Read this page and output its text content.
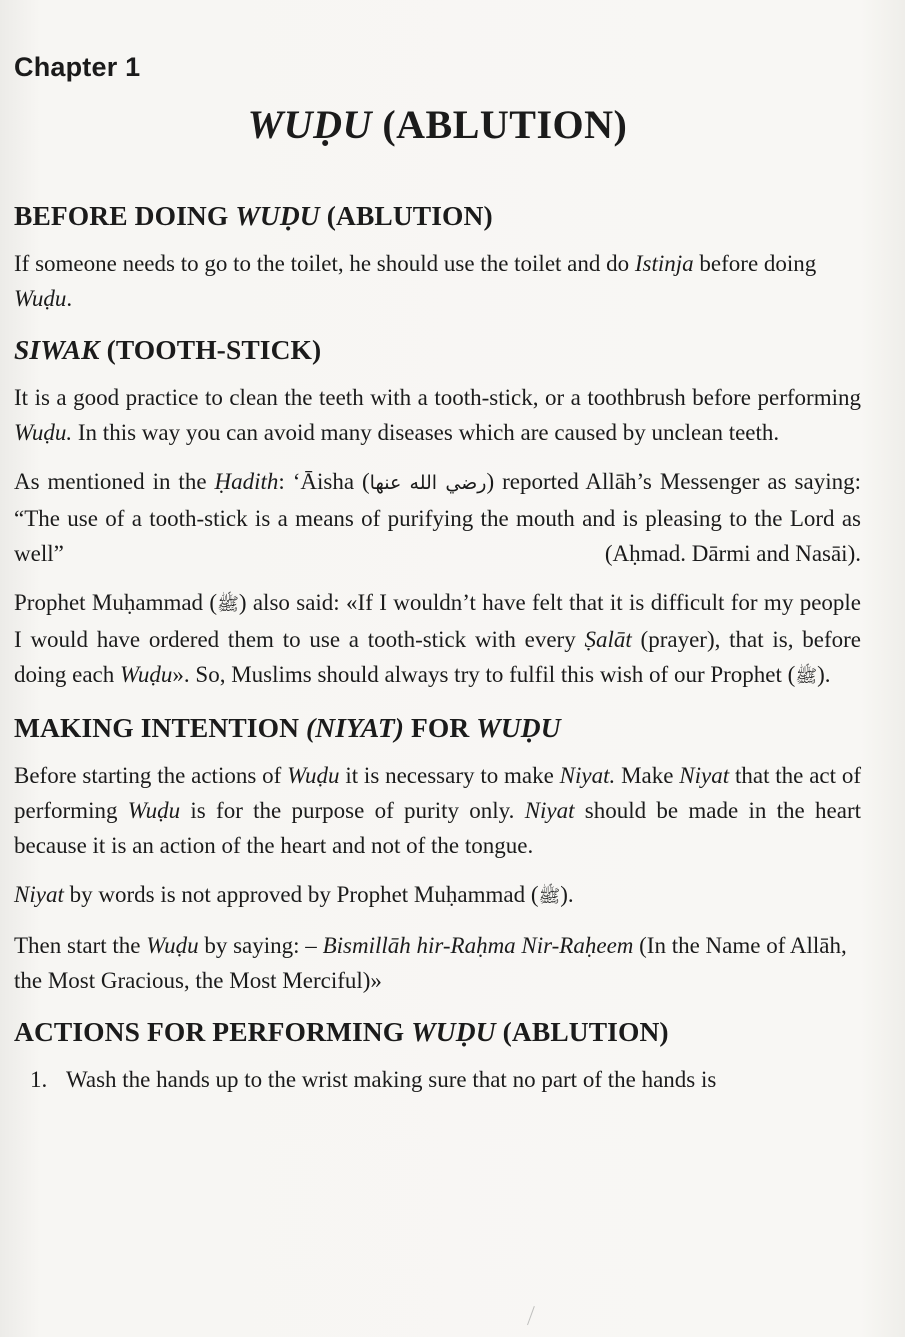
Chapter 1
WUḌU (ABLUTION)
BEFORE DOING WUḌU (ABLUTION)

If someone needs to go to the toilet, he should use the toilet and do Istinja before doing Wuḍu.

SIWAK (TOOTH-STICK)

It is a good practice to clean the teeth with a tooth-stick, or a toothbrush before performing Wuḍu. In this way you can avoid many diseases which are caused by unclean teeth.

As mentioned in the Ḥadith: ‘Āisha (رضي الله عنها) reported Allāh’s Messenger as saying: “The use of a tooth-stick is a means of purifying the mouth and is pleasing to the Lord as well”	(Aḥmad. Dārmi and Nasāi).

Prophet Muḥammad (ﷺ) also said: «If I wouldn’t have felt that it is difficult for my people I would have ordered them to use a tooth-stick with every Ṣalāt (prayer), that is, before doing each Wuḍu». So, Muslims should always try to fulfil this wish of our Prophet (ﷺ).

MAKING INTENTION (NIYAT) FOR WUḌU

Before starting the actions of Wuḍu it is necessary to make Niyat. Make Niyat that the act of performing Wuḍu is for the purpose of purity only. Niyat should be made in the heart because it is an action of the heart and not of the tongue.

Niyat by words is not approved by Prophet Muḥammad (ﷺ).

Then start the Wuḍu by saying: – Bismillāh hir-Raḥma Nir-Raḥeem (In the Name of Allāh, the Most Gracious, the Most Merciful)»

ACTIONS FOR PERFORMING WUḌU (ABLUTION)
1. Wash the hands up to the wrist making sure that no part of the hands is
